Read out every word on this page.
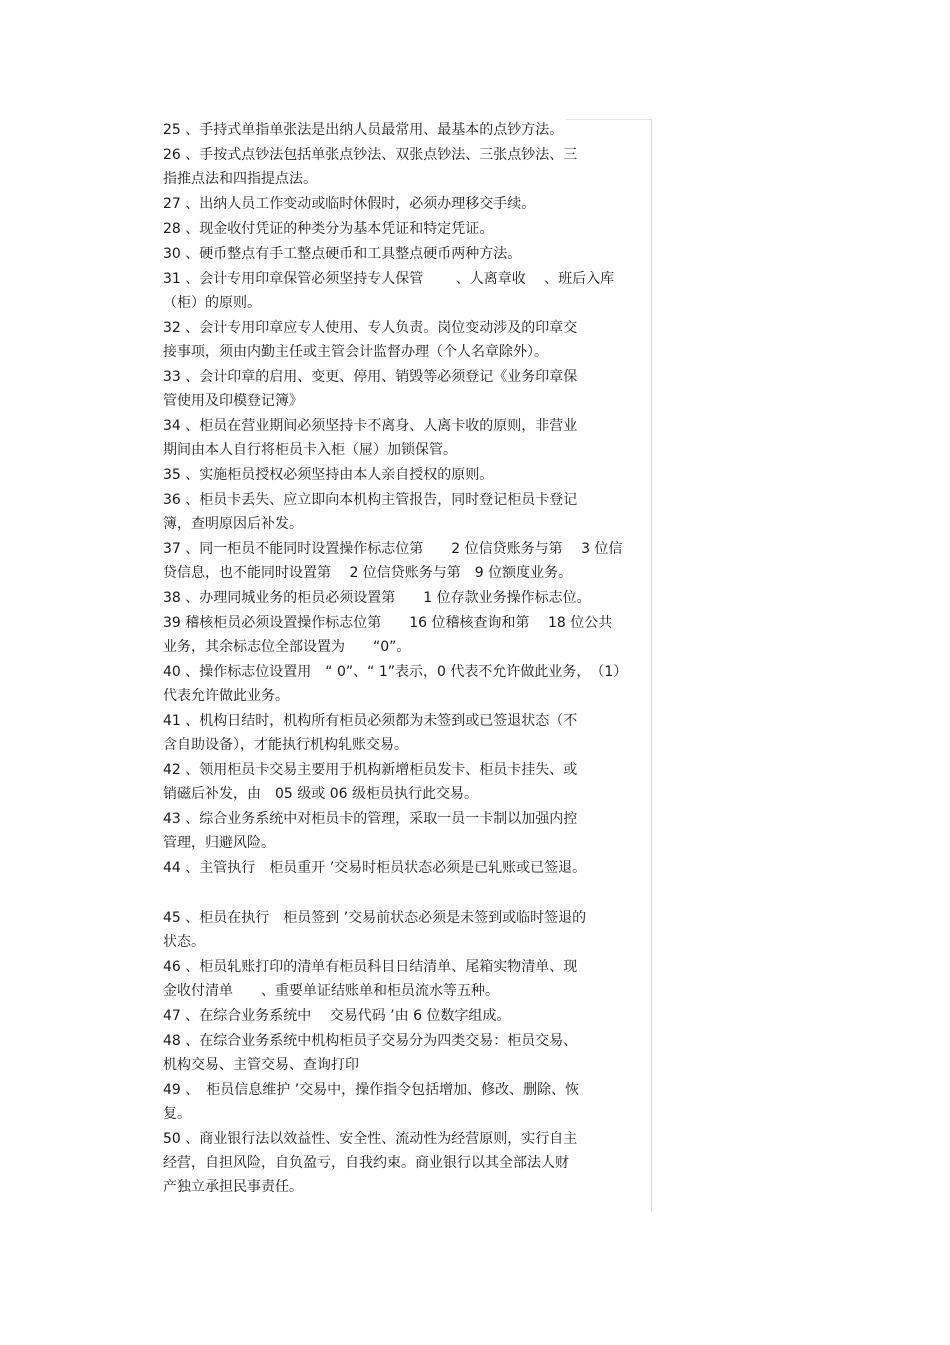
25 、手持式单指单张法是出纳人员最常用、最基本的点钞方法。
26 、手按式点钞法包括单张点钞法、双张点钞法、三张点钞法、三
指推点法和四指提点法。
27 、出纳人员工作变动或临时休假时，必须办理移交手续。
28 、现金收付凭证的种类分为基本凭证和特定凭证。
30 、硬币整点有手工整点硬币和工具整点硬币两种方法。
31 、会计专用印章保管必须坚持专人保管　　 、人离章收　 、班后入库
（柜）的原则。
32 、会计专用印章应专人使用、专人负责。岗位变动涉及的印章交
接事项，须由内勤主任或主管会计监督办理（个人名章除外）。
33 、会计印章的启用、变更、停用、销毁等必须登记《业务印章保
管使用及印模登记簿》
34 、柜员在营业期间必须坚持卡不离身、人离卡收的原则，非营业
期间由本人自行将柜员卡入柜（屉）加锁保管。
35 、实施柜员授权必须坚持由本人亲自授权的原则。
36 、柜员卡丢失、应立即向本机构主管报告，同时登记柜员卡登记
簿，查明原因后补发。
37 、同一柜员不能同时设置操作标志位第　　2 位信贷账务与第　 3 位信
贷信息，也不能同时设置第　 2 位信贷账务与第　9 位额度业务。
38 、办理同城业务的柜员必须设置第　　1 位存款业务操作标志位。
39 稽核柜员必须设置操作标志位第　　16 位稽核查询和第　 18 位公共
业务，其余标志位全部设置为　　“0”。
40 、操作标志位设置用　“ 0”、“ 1”表示，0 代表不允许做此业务，　（1）
代表允许做此业务。
41 、机构日结时，机构所有柜员必须都为未签到或已签退状态（不
含自助设备），才能执行机构轧账交易。
42 、领用柜员卡交易主要用于机构新增柜员发卡、柜员卡挂失、或
销磁后补发，由　05 级或 06 级柜员执行此交易。
43 、综合业务系统中对柜员卡的管理，采取一员一卡制以加强内控
管理，归避风险。
44 、主管执行　柜员重开 ’交易时柜员状态必须是已轧账或已签退。
45 、柜员在执行　柜员签到 ’交易前状态必须是未签到或临时签退的
状态。
46 、柜员轧账打印的清单有柜员科目日结清单、尾箱实物清单、现
金收付清单　　、重要单证结账单和柜员流水等五种。
47 、在综合业务系统中　 交易代码 ’由 6 位数字组成。
48 、在综合业务系统中机构柜员子交易分为四类交易：柜员交易、
机构交易、主管交易、查询打印
49 、　柜员信息维护 ’交易中，操作指令包括增加、修改、删除、恢
复。
50 、商业银行法以效益性、安全性、流动性为经营原则，实行自主
经营，自担风险，自负盈亏，自我约束。商业银行以其全部法人财
产独立承担民事责任。
